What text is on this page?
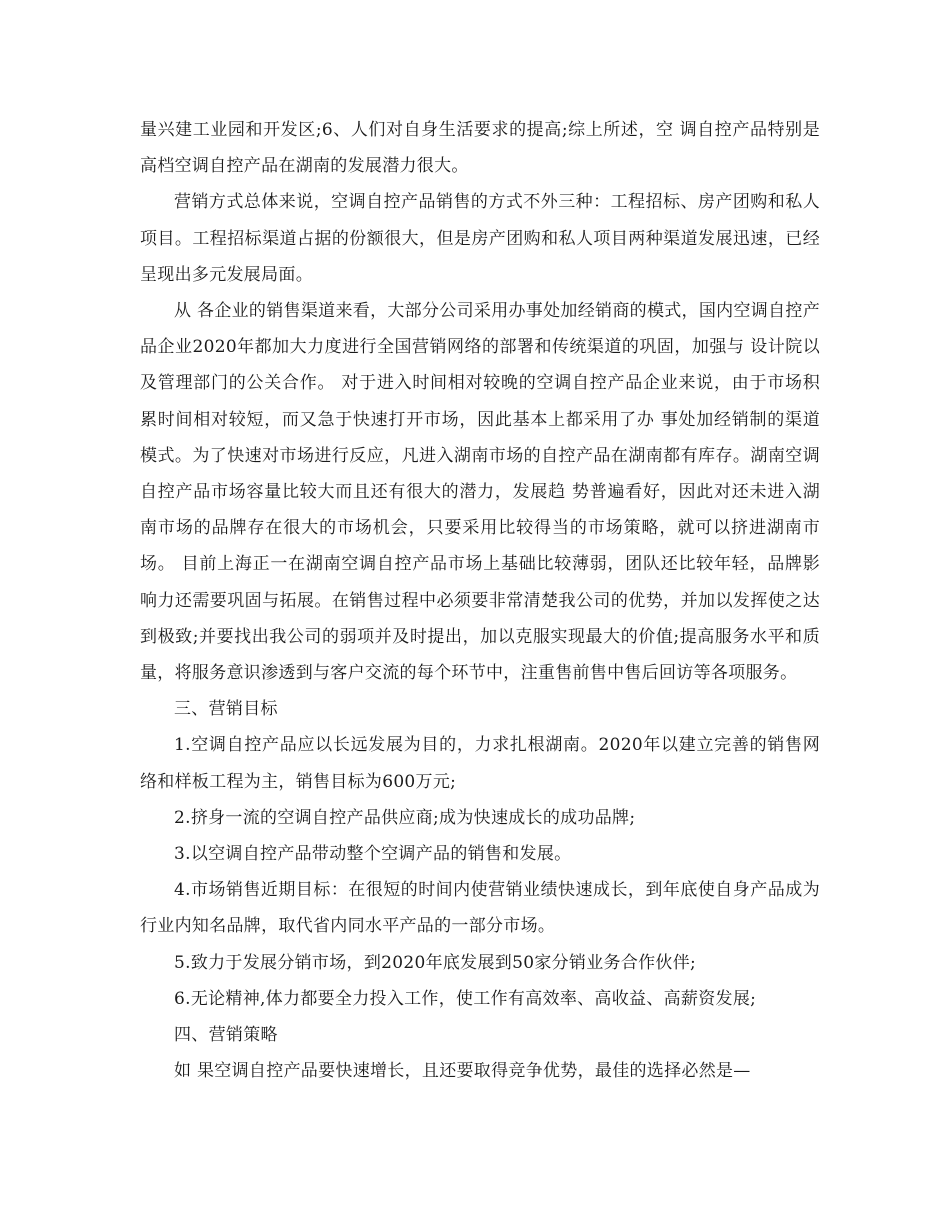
量兴建工业园和开发区;6、人们对自身生活要求的提高;综上所述，空 调自控产品特别是高档空调自控产品在湖南的发展潜力很大。

营销方式总体来说，空调自控产品销售的方式不外三种：工程招标、房产团购和私人项目。工程招标渠道占据的份额很大，但是房产团购和私人项目两种渠道发展迅速，已经呈现出多元发展局面。

从 各企业的销售渠道来看，大部分公司采用办事处加经销商的模式，国内空调自控产品企业2020年都加大力度进行全国营销网络的部署和传统渠道的巩固，加强与 设计院以及管理部门的公关合作。 对于进入时间相对较晚的空调自控产品企业来说，由于市场积累时间相对较短，而又急于快速打开市场，因此基本上都采用了办 事处加经销制的渠道模式。为了快速对市场进行反应，凡进入湖南市场的自控产品在湖南都有库存。湖南空调自控产品市场容量比较大而且还有很大的潜力，发展趋 势普遍看好，因此对还未进入湖南市场的品牌存在很大的市场机会，只要采用比较得当的市场策略，就可以挤进湖南市场。 目前上海正一在湖南空调自控产品市场上基础比较薄弱，团队还比较年轻，品牌影响力还需要巩固与拓展。在销售过程中必须要非常清楚我公司的优势，并加以发挥使之达到极致;并要找出我公司的弱项并及时提出，加以克服实现最大的价值;提高服务水平和质量，将服务意识渗透到与客户交流的每个环节中，注重售前售中售后回访等各项服务。

三、营销目标

1.空调自控产品应以长远发展为目的，力求扎根湖南。2020年以建立完善的销售网络和样板工程为主，销售目标为600万元;

2.挤身一流的空调自控产品供应商;成为快速成长的成功品牌;

3.以空调自控产品带动整个空调产品的销售和发展。

4.市场销售近期目标：在很短的时间内使营销业绩快速成长，到年底使自身产品成为行业内知名品牌，取代省内同水平产品的一部分市场。

5.致力于发展分销市场，到2020年底发展到50家分销业务合作伙伴;

6.无论精神,体力都要全力投入工作，使工作有高效率、高收益、高薪资发展;

四、营销策略

如 果空调自控产品要快速增长，且还要取得竞争优势，最佳的选择必然是—
